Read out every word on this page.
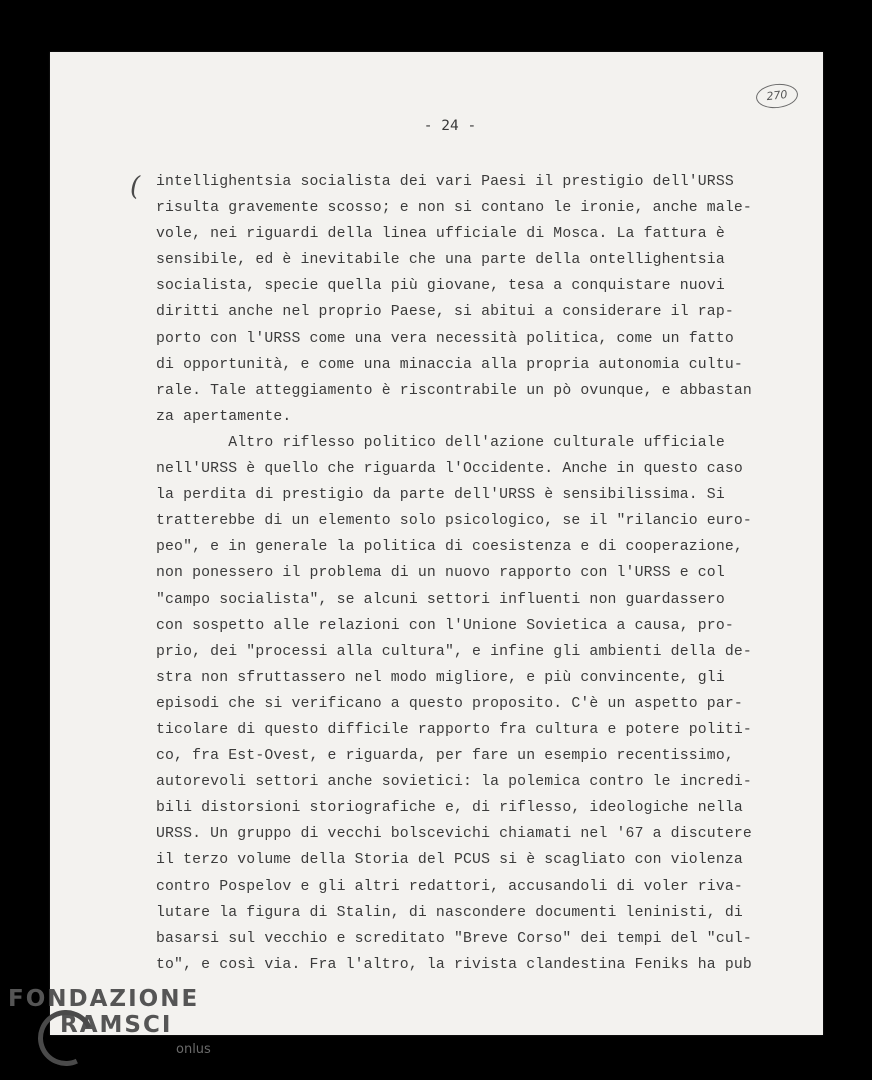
270
- 24 -
( intellighentsia socialista dei vari Paesi il prestigio dell'URSS
risulta gravemente scosso; e non si contano le ironie, anche male-
vole, nei riguardi della linea ufficiale di Mosca. La fattura è
sensibile, ed è inevitabile che una parte della ontellighentsia
socialista, specie quella più giovane, tesa a conquistare nuovi
diritti anche nel proprio Paese, si abitui a considerare il rap-
porto con l'URSS come una vera necessità politica, come un fatto
di opportunità, e come una minaccia alla propria autonomia cultu-
rale. Tale atteggiamento è riscontrabile un pò ovunque, e abbastan
za apertamente.
Altro riflesso politico dell'azione culturale ufficiale
nell'URSS è quello che riguarda l'Occidente. Anche in questo caso
la perdita di prestigio da parte dell'URSS è sensibilissima. Si
tratterebbe di un elemento solo psicologico, se il "rilancio euro-
peo", e in generale la politica di coesistenza e di cooperazione,
non ponessero il problema di un nuovo rapporto con l'URSS e col
"campo socialista", se alcuni settori influenti non guardassero
con sospetto alle relazioni con l'Unione Sovietica a causa, pro-
prio, dei "processi alla cultura", e infine gli ambienti della de-
stra non sfruttassero nel modo migliore, e più convincente, gli
episodi che si verificano a questo proposito. C'è un aspetto par-
ticolare di questo difficile rapporto fra cultura e potere politi-
co, fra Est-Ovest, e riguarda, per fare un esempio recentissimo,
autorevoli settori anche sovietici: la polemica contro le incredi-
bili distorsioni storiografiche e, di riflesso, ideologiche nella
URSS. Un gruppo di vecchi bolscevichi chiamati nel '67 a discutere
il terzo volume della Storia del PCUS si è scagliato con violenza
contro Pospelov e gli altri redattori, accusandoli di voler riva-
lutare la figura di Stalin, di nascondere documenti leninisti, di
basarsi sul vecchio e screditato "Breve Corso" dei tempi del "cul-
to", e così via. Fra l'altro, la rivista clandestina Feniks ha pub
FONDAZIONE
RAMSCI
onlus
